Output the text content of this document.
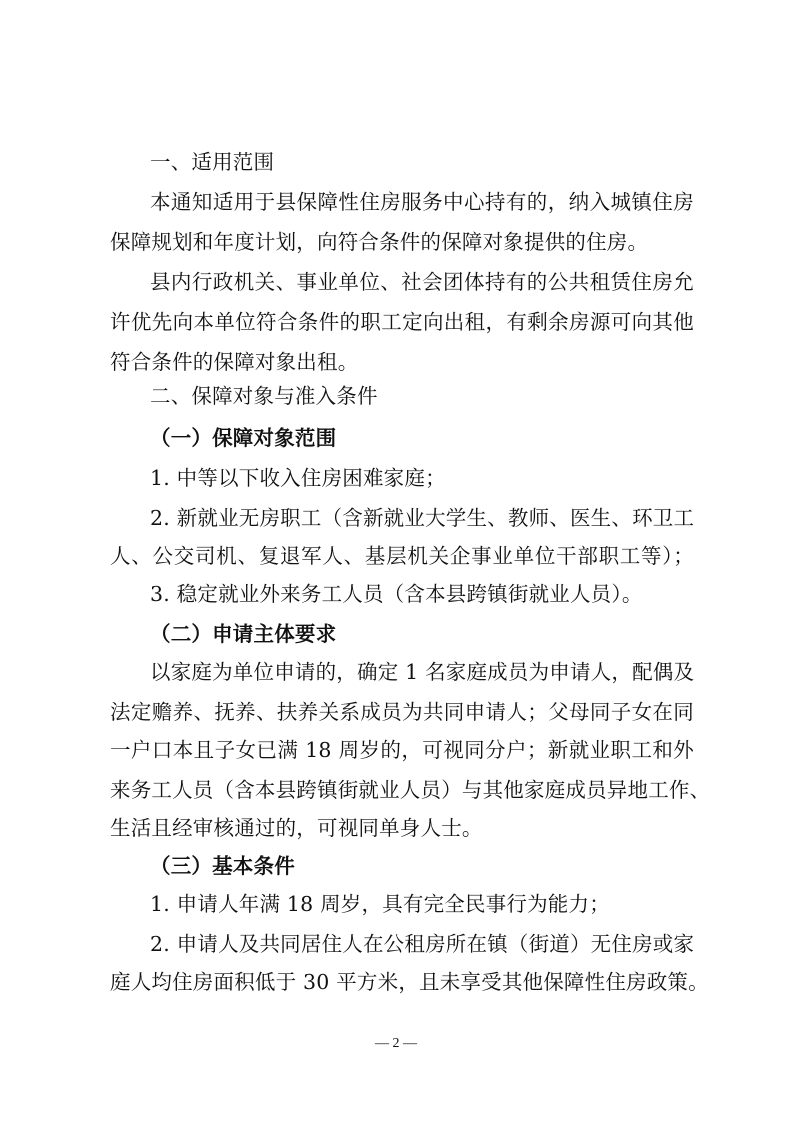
一、适用范围
本通知适用于县保障性住房服务中心持有的，纳入城镇住房
保障规划和年度计划，向符合条件的保障对象提供的住房。
县内行政机关、事业单位、社会团体持有的公共租赁住房允
许优先向本单位符合条件的职工定向出租，有剩余房源可向其他
符合条件的保障对象出租。
二、保障对象与准入条件
（一）保障对象范围
1. 中等以下收入住房困难家庭；
2. 新就业无房职工（含新就业大学生、教师、医生、环卫工
人、公交司机、复退军人、基层机关企事业单位干部职工等）；
3. 稳定就业外来务工人员（含本县跨镇街就业人员）。
（二）申请主体要求
以家庭为单位申请的，确定 1 名家庭成员为申请人，配偶及
法定赡养、抚养、扶养关系成员为共同申请人；父母同子女在同
一户口本且子女已满 18 周岁的，可视同分户；新就业职工和外
来务工人员（含本县跨镇街就业人员）与其他家庭成员异地工作、
生活且经审核通过的，可视同单身人士。
（三）基本条件
1. 申请人年满 18 周岁，具有完全民事行为能力；
2. 申请人及共同居住人在公租房所在镇（街道）无住房或家
庭人均住房面积低于 30 平方米，且未享受其他保障性住房政策。
— 2 —
